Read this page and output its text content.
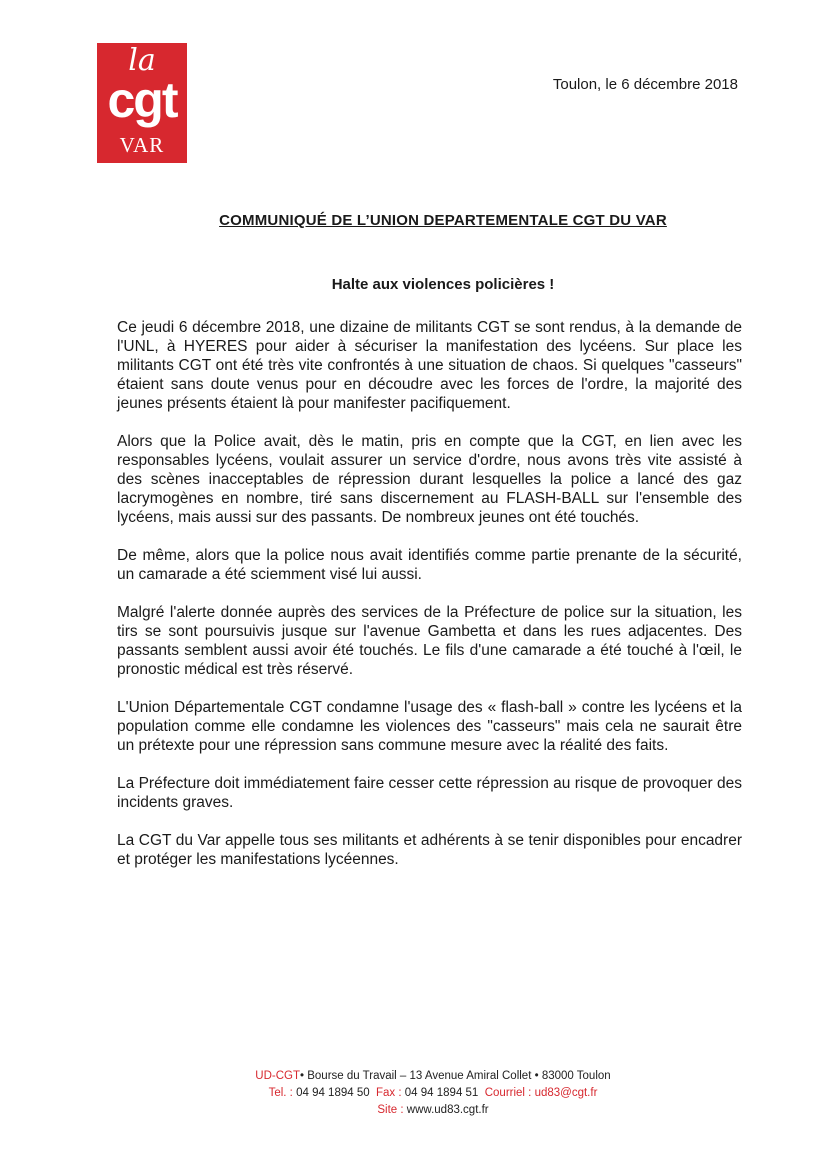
la
cgt
VAR
Toulon, le 6 décembre 2018
COMMUNIQUÉ DE L’UNION DEPARTEMENTALE CGT DU VAR
Halte aux violences policières !

Ce jeudi 6 décembre 2018, une dizaine de militants CGT se sont rendus, à la demande de l'UNL, à HYERES pour aider à sécuriser la manifestation des lycéens. Sur place les militants CGT ont été très vite confrontés à une situation de chaos. Si quelques "casseurs" étaient sans doute venus pour en découdre avec les forces de l'ordre, la majorité des jeunes présents étaient là pour manifester pacifiquement.

Alors que la Police avait, dès le matin, pris en compte que la CGT, en lien avec les responsables lycéens, voulait assurer un service d'ordre, nous avons très vite assisté à des scènes inacceptables de répression durant lesquelles la police a lancé des gaz lacrymogènes en nombre, tiré sans discernement au FLASH-BALL sur l'ensemble des lycéens, mais aussi sur des passants. De nombreux jeunes ont été touchés.

De même, alors que la police nous avait identifiés comme partie prenante de la sécurité, un camarade a été sciemment visé lui aussi.

Malgré l'alerte donnée auprès des services de la Préfecture de police sur la situation, les tirs se sont poursuivis jusque sur l'avenue Gambetta et dans les rues adjacentes. Des passants semblent aussi avoir été touchés. Le fils d'une camarade a été touché à l'œil, le pronostic médical est très réservé.

L'Union Départementale CGT condamne l'usage des « flash-ball » contre les lycéens et la population comme elle condamne les violences des "casseurs" mais cela ne saurait être un prétexte pour une répression sans commune mesure avec la réalité des faits.

La Préfecture doit immédiatement faire cesser cette répression au risque de provoquer des incidents graves.

La CGT du Var appelle tous ses militants et adhérents à se tenir disponibles pour encadrer et protéger les manifestations lycéennes.

UD-CGT• Bourse du Travail – 13 Avenue Amiral Collet • 83000 Toulon
Tel. : 04 94 1894 50 Fax : 04 94 1894 51 Courriel : ud83@cgt.fr
Site : www.ud83.cgt.fr
